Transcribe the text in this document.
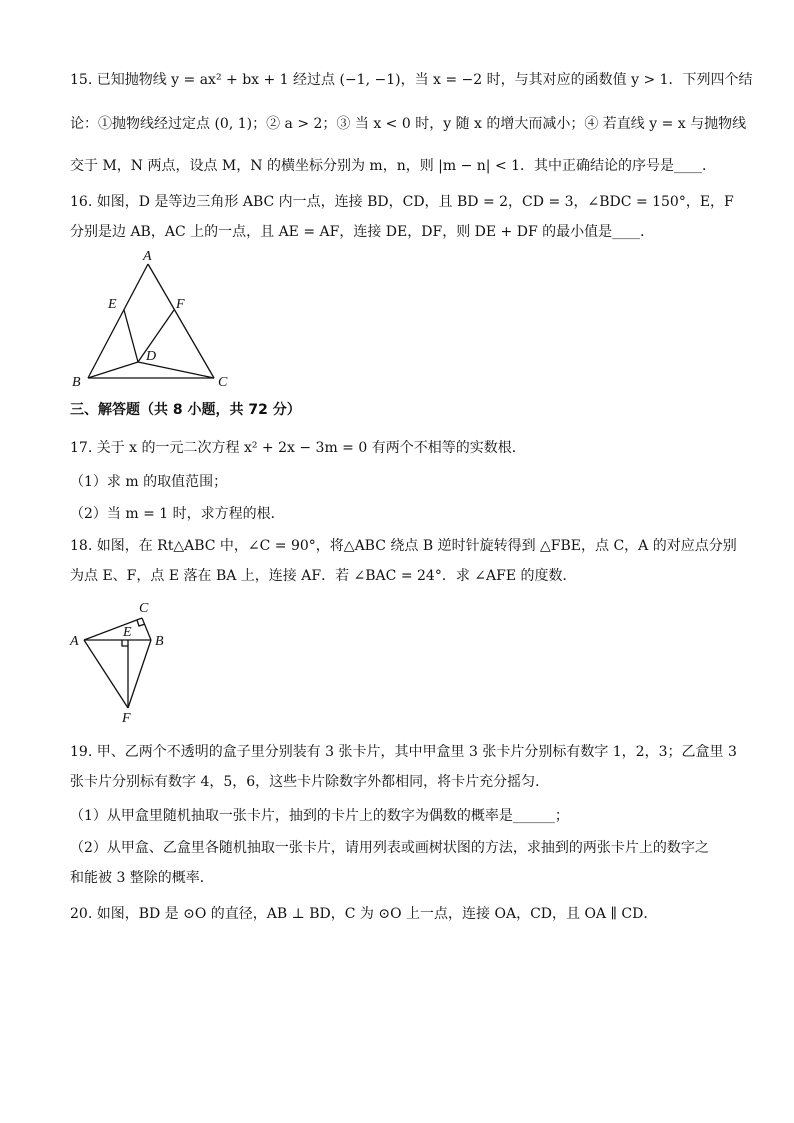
15. 已知抛物线 y = ax² + bx + 1 经过点 (−1, −1)，当 x = −2 时，与其对应的函数值 y > 1．下列四个结
论：①抛物线经过定点 (0, 1)；② a > 2；③ 当 x < 0 时，y 随 x 的增大而减小；④ 若直线 y = x 与抛物线
交于 M，N 两点，设点 M，N 的横坐标分别为 m，n，则 |m − n| < 1．其中正确结论的序号是____．
16. 如图，D 是等边三角形 ABC 内一点，连接 BD，CD，且 BD = 2，CD = 3，∠BDC = 150°，E，F
分别是边 AB，AC 上的一点，且 AE = AF，连接 DE，DF，则 DE + DF 的最小值是____．
A
E	F
D
B	C
三、解答题（共 8 小题，共 72 分）
17. 关于 x 的一元二次方程 x² + 2x − 3m = 0 有两个不相等的实数根．
（1）求 m 的取值范围；
（2）当 m = 1 时，求方程的根．
18. 如图，在 Rt△ABC 中，∠C = 90°，将△ABC 绕点 B 逆时针旋转得到 △FBE，点 C，A 的对应点分别
为点 E、F，点 E 落在 BA 上，连接 AF．若 ∠BAC = 24°．求 ∠AFE 的度数．
C
E
A	B
F
19. 甲、乙两个不透明的盒子里分别装有 3 张卡片，其中甲盒里 3 张卡片分别标有数字 1，2，3；乙盒里 3
张卡片分别标有数字 4，5，6，这些卡片除数字外都相同，将卡片充分摇匀．
（1）从甲盒里随机抽取一张卡片，抽到的卡片上的数字为偶数的概率是______；
（2）从甲盒、乙盒里各随机抽取一张卡片，请用列表或画树状图的方法，求抽到的两张卡片上的数字之
和能被 3 整除的概率．
20. 如图，BD 是 ⊙O 的直径，AB ⊥ BD，C 为 ⊙O 上一点，连接 OA，CD，且 OA ∥ CD．
